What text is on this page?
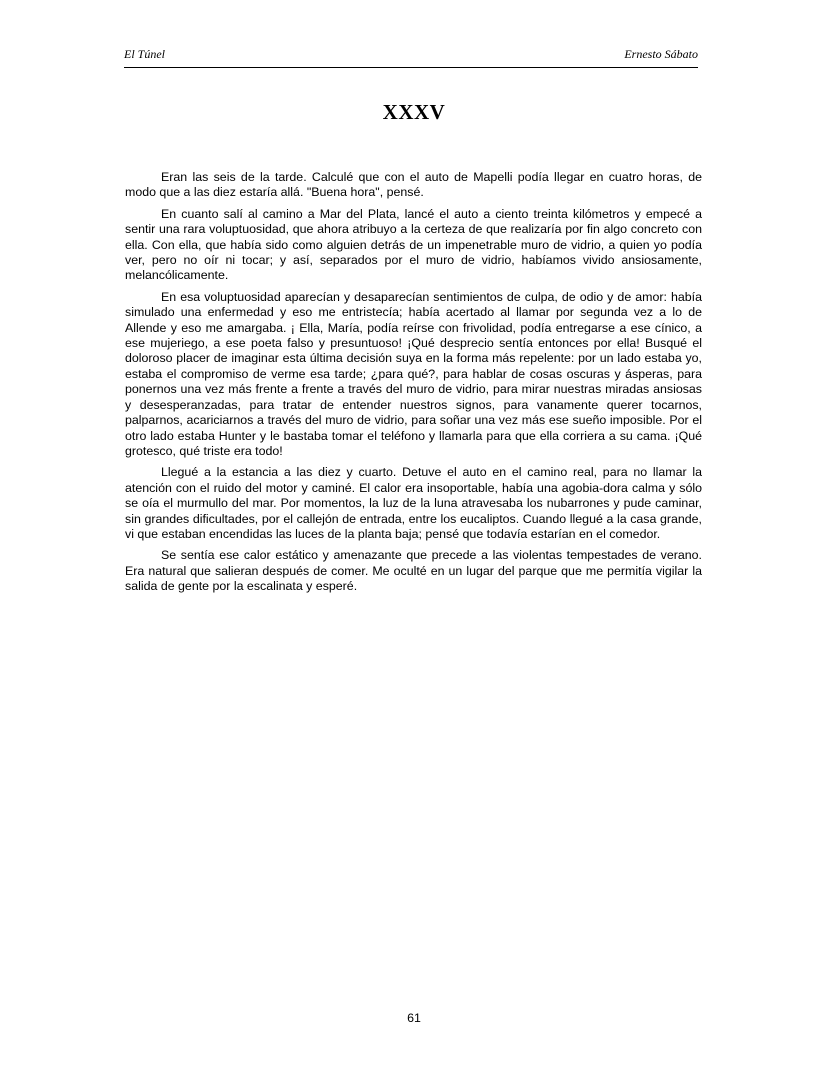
El Túnel	Ernesto Sábato
XXXV

Eran las seis de la tarde. Calculé que con el auto de Mapelli podía llegar en cuatro horas, de modo que a las diez estaría allá. "Buena hora", pensé.

En cuanto salí al camino a Mar del Plata, lancé el auto a ciento treinta kilómetros y empecé a sentir una rara voluptuosidad, que ahora atribuyo a la certeza de que realizaría por fin algo concreto con ella. Con ella, que había sido como alguien detrás de un impenetrable muro de vidrio, a quien yo podía ver, pero no oír ni tocar; y así, separados por el muro de vidrio, habíamos vivido ansiosamente, melancólicamente.

En esa voluptuosidad aparecían y desaparecían sentimientos de culpa, de odio y de amor: había simulado una enfermedad y eso me entristecía; había acertado al llamar por segunda vez a lo de Allende y eso me amargaba. ¡ Ella, María, podía reírse con frivolidad, podía entregarse a ese cínico, a ese mujeriego, a ese poeta falso y presuntuoso! ¡Qué desprecio sentía entonces por ella! Busqué el doloroso placer de imaginar esta última decisión suya en la forma más repelente: por un lado estaba yo, estaba el compromiso de verme esa tarde; ¿para qué?, para hablar de cosas oscuras y ásperas, para ponernos una vez más frente a frente a través del muro de vidrio, para mirar nuestras miradas ansiosas y desesperanzadas, para tratar de entender nuestros signos, para vanamente querer tocarnos, palparnos, acariciarnos a través del muro de vidrio, para soñar una vez más ese sueño imposible. Por el otro lado estaba Hunter y le bastaba tomar el teléfono y llamarla para que ella corriera a su cama. ¡Qué grotesco, qué triste era todo!

Llegué a la estancia a las diez y cuarto. Detuve el auto en el camino real, para no llamar la atención con el ruido del motor y caminé. El calor era insoportable, había una agobia-dora calma y sólo se oía el murmullo del mar. Por momentos, la luz de la luna atravesaba los nubarrones y pude caminar, sin grandes dificultades, por el callejón de entrada, entre los eucaliptos. Cuando llegué a la casa grande, vi que estaban encendidas las luces de la planta baja; pensé que todavía estarían en el comedor.

Se sentía ese calor estático y amenazante que precede a las violentas tempestades de verano. Era natural que salieran después de comer. Me oculté en un lugar del parque que me permitía vigilar la salida de gente por la escalinata y esperé.

61
